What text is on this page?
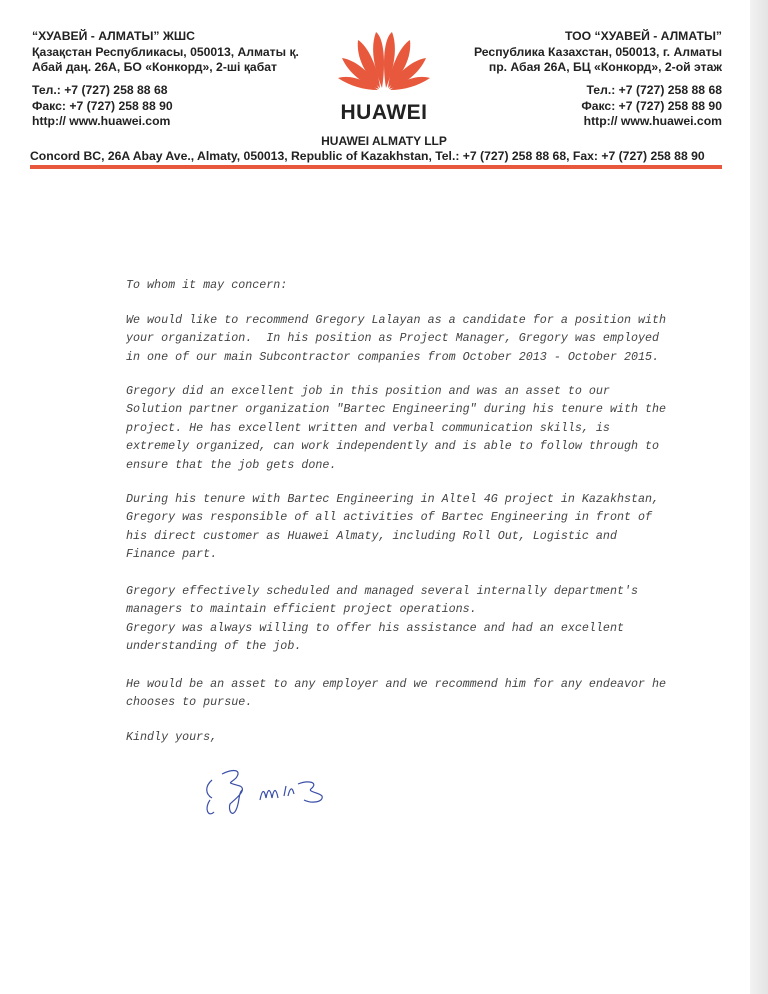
“ХУАВЕЙ - АЛМАТЫ” ЖШС
Қазақстан Республикасы, 050013, Алматы қ.
Абай даң. 26А, БО «Конкорд», 2-ші қабат
Тел.: +7 (727) 258 88 68
Факс: +7 (727) 258 88 90
http:// www.huawei.com
ТОО “ХУАВЕЙ - АЛМАТЫ”
Республика Казахстан, 050013, г. Алматы
пр. Абая 26А, БЦ «Конкорд», 2-ой этаж
Тел.: +7 (727) 258 88 68
Факс: +7 (727) 258 88 90
http:// www.huawei.com
HUAWEI
HUAWEI ALMATY LLP
Concord BC, 26A Abay Ave., Almaty, 050013, Republic of Kazakhstan, Tel.: +7 (727) 258 88 68, Fax: +7 (727) 258 88 90
To whom it may concern:
We would like to recommend Gregory Lalayan as a candidate for a position with
your organization.  In his position as Project Manager, Gregory was employed
in one of our main Subcontractor companies from October 2013 - October 2015.
Gregory did an excellent job in this position and was an asset to our
Solution partner organization "Bartec Engineering" during his tenure with the
project. He has excellent written and verbal communication skills, is
extremely organized, can work independently and is able to follow through to
ensure that the job gets done.
During his tenure with Bartec Engineering in Altel 4G project in Kazakhstan,
Gregory was responsible of all activities of Bartec Engineering in front of
his direct customer as Huawei Almaty, including Roll Out, Logistic and
Finance part.
Gregory effectively scheduled and managed several internally department's
managers to maintain efficient project operations.
Gregory was always willing to offer his assistance and had an excellent
understanding of the job.
He would be an asset to any employer and we recommend him for any endeavor he
chooses to pursue.
Kindly yours,
